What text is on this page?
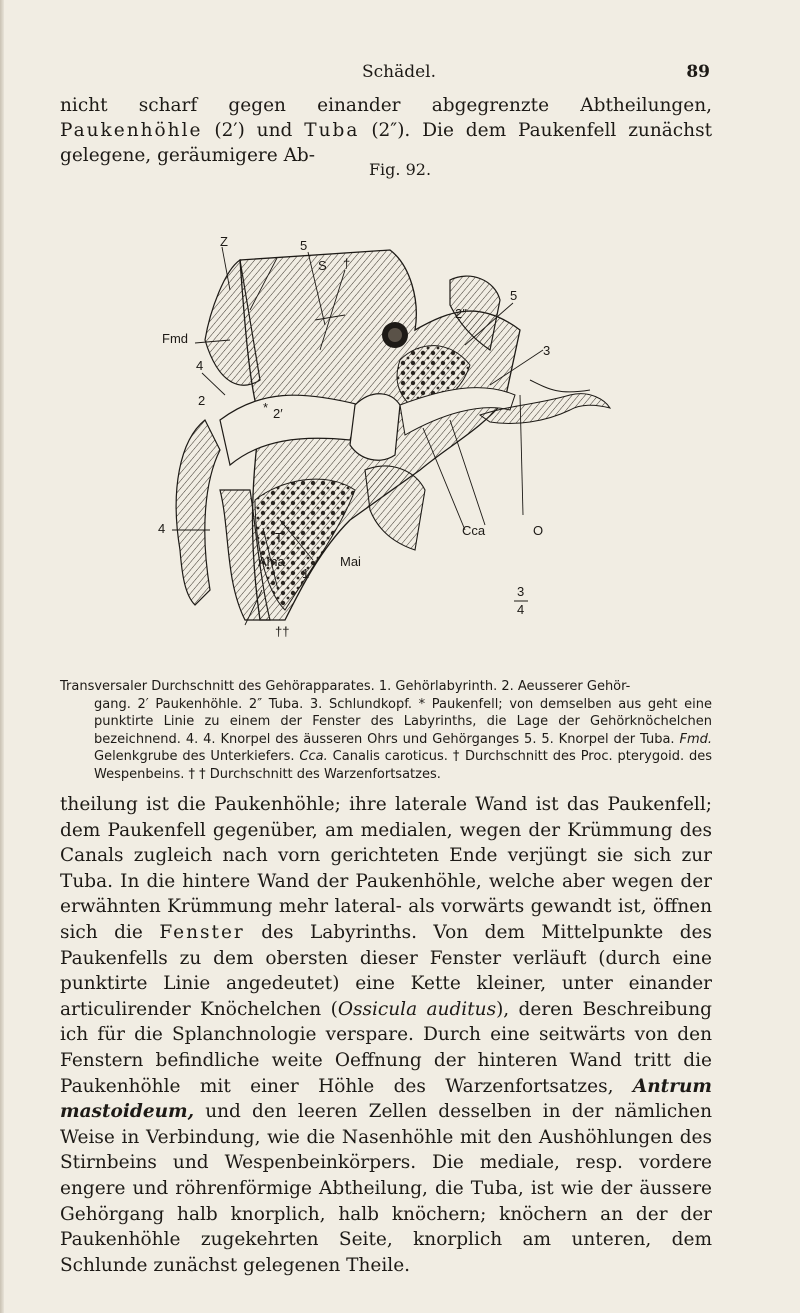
Schädel.	89
nicht scharf gegen einander abgegrenzte Abtheilungen, Paukenhöhle (2′) und Tuba (2″). Die dem Paukenfell zunächst gelegene, geräumigere Ab-
Fig. 92.
Z	5
S †
5
2″
3
Fmd
4
2	* 2′
4
T
Ama
1
Mai
Cca	O
3
4
††
Transversaler Durchschnitt des Gehörapparates. 1. Gehörlabyrinth. 2. Aeusserer Gehör-
gang. 2′ Paukenhöhle. 2″ Tuba. 3. Schlundkopf. * Paukenfell; von demselben aus geht eine punktirte Linie zu einem der Fenster des Labyrinths, die Lage der Gehörknöchelchen bezeichnend. 4. 4. Knorpel des äusseren Ohrs und Gehörganges 5. 5. Knorpel der Tuba. Fmd. Gelenkgrube des Unterkiefers. Cca. Canalis caroticus. † Durchschnitt des Proc. pterygoid. des Wespenbeins. † † Durchschnitt des Warzenfortsatzes.

theilung ist die Paukenhöhle; ihre laterale Wand ist das Paukenfell; dem Paukenfell gegenüber, am medialen, wegen der Krümmung des Canals zugleich nach vorn gerichteten Ende verjüngt sie sich zur Tuba. In die hintere Wand der Paukenhöhle, welche aber wegen der erwähnten Krümmung mehr lateral- als vorwärts gewandt ist, öffnen sich die Fenster des Labyrinths. Von dem Mittelpunkte des Paukenfells zu dem obersten dieser Fenster verläuft (durch eine punktirte Linie angedeutet) eine Kette kleiner, unter einander articulirender Knöchelchen (Ossicula auditus), deren Beschreibung ich für die Splanchnologie verspare. Durch eine seitwärts von den Fenstern befindliche weite Oeffnung der hinteren Wand tritt die Paukenhöhle mit einer Höhle des Warzenfortsatzes, Antrum mastoideum, und den leeren Zellen desselben in der nämlichen Weise in Verbindung, wie die Nasenhöhle mit den Aushöhlungen des Stirnbeins und Wespenbeinkörpers. Die mediale, resp. vordere engere und röhrenförmige Abtheilung, die Tuba, ist wie der äussere Gehörgang halb knorplich, halb knöchern; knöchern an der der Paukenhöhle zugekehrten Seite, knorplich am unteren, dem Schlunde zunächst gelegenen Theile.
